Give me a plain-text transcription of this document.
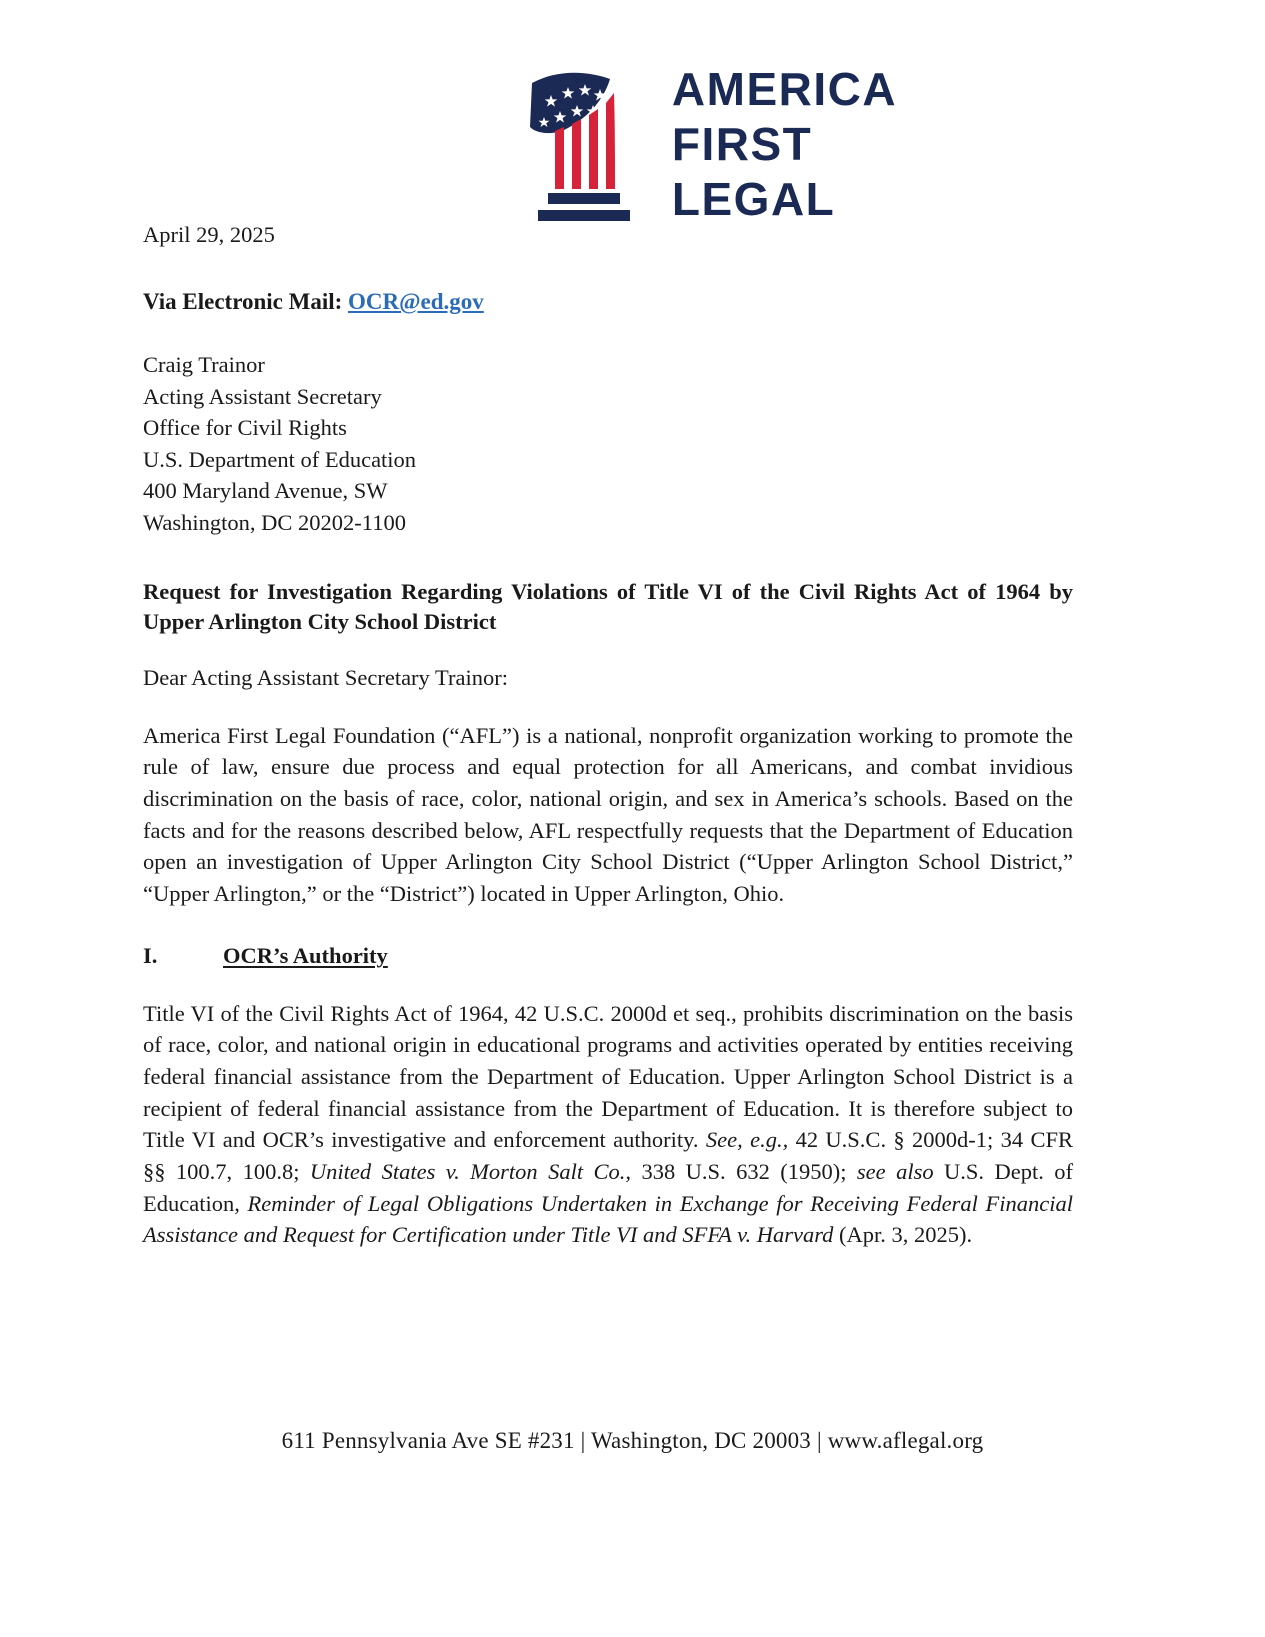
AMERICA
FIRST
LEGAL
April 29, 2025
Via Electronic Mail: OCR@ed.gov
Craig Trainor
Acting Assistant Secretary
Office for Civil Rights
U.S. Department of Education
400 Maryland Avenue, SW
Washington, DC 20202-1100
Request for Investigation Regarding Violations of Title VI of the Civil Rights Act of 1964 by Upper Arlington City School District
Dear Acting Assistant Secretary Trainor:
America First Legal Foundation (“AFL”) is a national, nonprofit organization working to promote the rule of law, ensure due process and equal protection for all Americans, and combat invidious discrimination on the basis of race, color, national origin, and sex in America’s schools. Based on the facts and for the reasons described below, AFL respectfully requests that the Department of Education open an investigation of Upper Arlington City School District (“Upper Arlington School District,” “Upper Arlington,” or the “District”) located in Upper Arlington, Ohio.
I.	OCR’s Authority
Title VI of the Civil Rights Act of 1964, 42 U.S.C. 2000d et seq., prohibits discrimination on the basis of race, color, and national origin in educational programs and activities operated by entities receiving federal financial assistance from the Department of Education. Upper Arlington School District is a recipient of federal financial assistance from the Department of Education. It is therefore subject to Title VI and OCR’s investigative and enforcement authority. See, e.g., 42 U.S.C. § 2000d-1; 34 CFR §§ 100.7, 100.8; United States v. Morton Salt Co., 338 U.S. 632 (1950); see also U.S. Dept. of Education, Reminder of Legal Obligations Undertaken in Exchange for Receiving Federal Financial Assistance and Request for Certification under Title VI and SFFA v. Harvard (Apr. 3, 2025).
611 Pennsylvania Ave SE #231 | Washington, DC 20003 | www.aflegal.org
